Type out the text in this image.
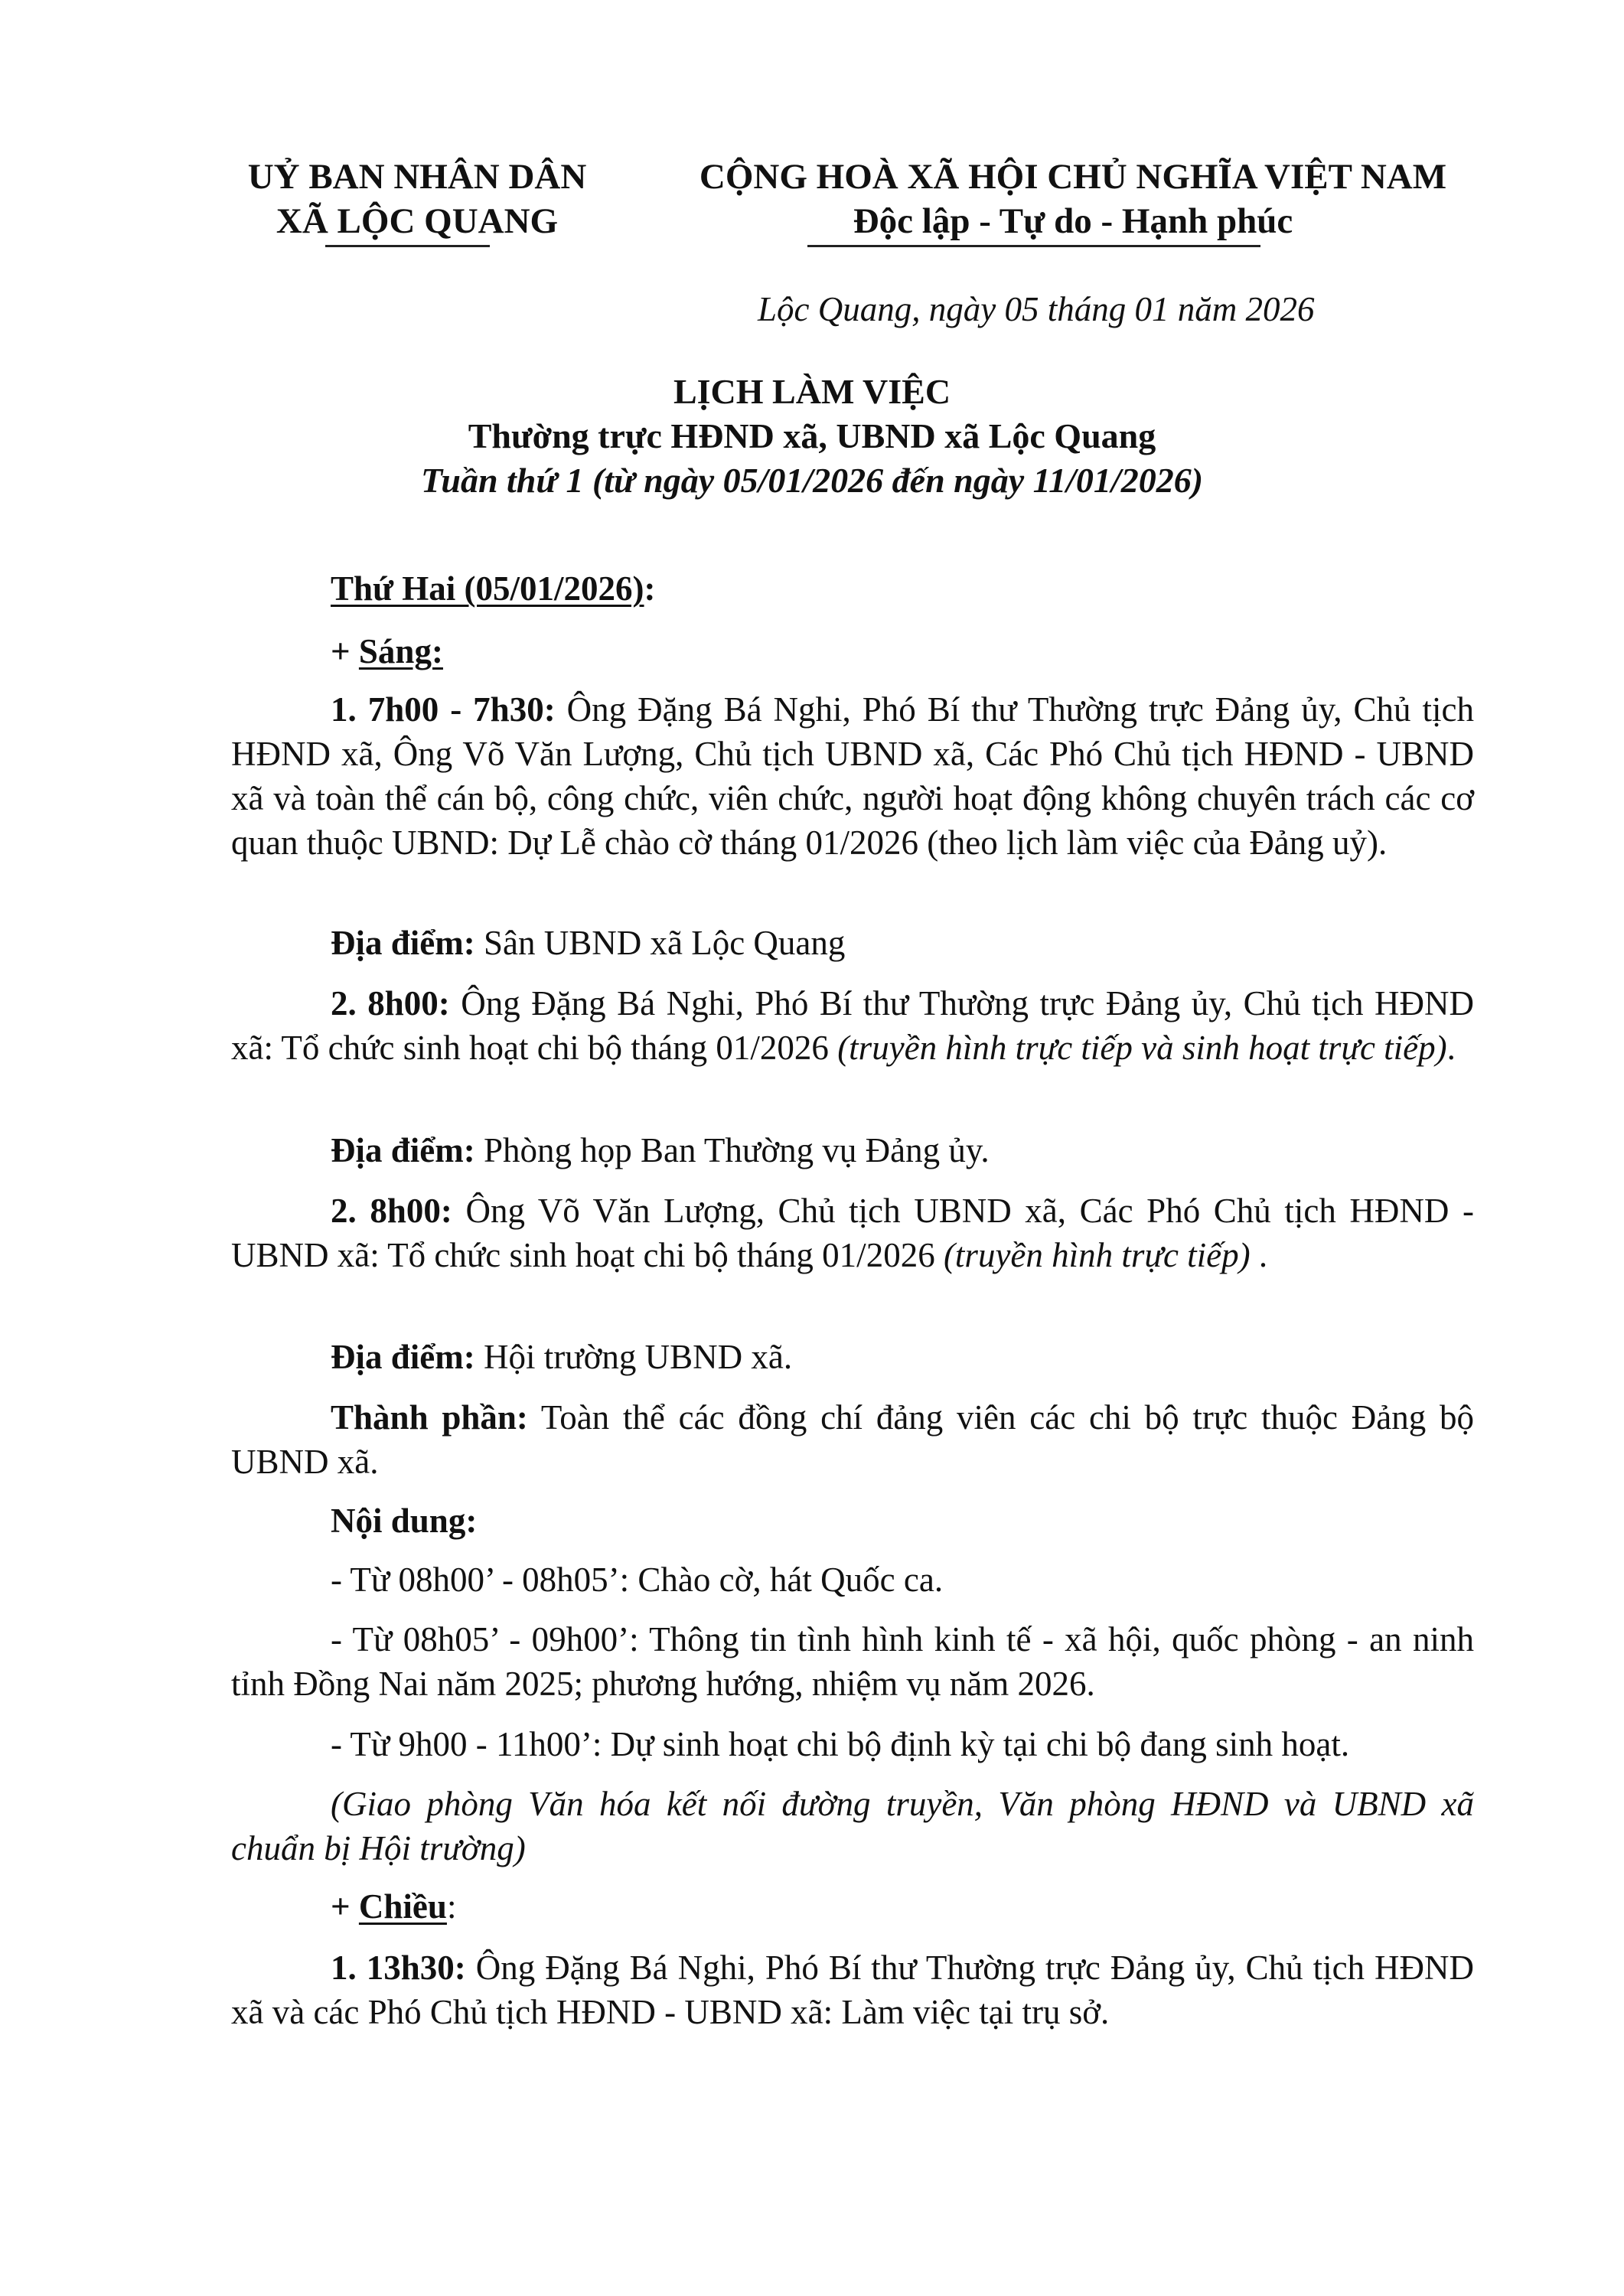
UỶ BAN NHÂN DÂN
XÃ LỘC QUANG
CỘNG HOÀ XÃ HỘI CHỦ NGHĨA VIỆT NAM
Độc lập - Tự do - Hạnh phúc
Lộc Quang, ngày 05 tháng 01 năm 2026
LỊCH LÀM VIỆC
Thường trực HĐND xã, UBND xã Lộc Quang
Tuần thứ 1 (từ ngày 05/01/2026 đến ngày 11/01/2026)
Thứ Hai (05/01/2026):
+ Sáng:
1. 7h00 - 7h30: Ông Đặng Bá Nghi, Phó Bí thư Thường trực Đảng ủy, Chủ tịch HĐND xã, Ông Võ Văn Lượng, Chủ tịch UBND xã, Các Phó Chủ tịch HĐND - UBND xã và toàn thể cán bộ, công chức, viên chức, người hoạt động không chuyên trách các cơ quan thuộc UBND: Dự Lễ chào cờ tháng 01/2026 (theo lịch làm việc của Đảng uỷ).
Địa điểm: Sân UBND xã Lộc Quang
2. 8h00: Ông Đặng Bá Nghi, Phó Bí thư Thường trực Đảng ủy, Chủ tịch HĐND xã: Tổ chức sinh hoạt chi bộ tháng 01/2026 (truyền hình trực tiếp và sinh hoạt trực tiếp).
Địa điểm: Phòng họp Ban Thường vụ Đảng ủy.
2. 8h00: Ông Võ Văn Lượng, Chủ tịch UBND xã, Các Phó Chủ tịch HĐND - UBND xã: Tổ chức sinh hoạt chi bộ tháng 01/2026 (truyền hình trực tiếp) .
Địa điểm: Hội trường UBND xã.
Thành phần: Toàn thể các đồng chí đảng viên các chi bộ trực thuộc Đảng bộ UBND xã.
Nội dung:
- Từ 08h00’ - 08h05’: Chào cờ, hát Quốc ca.
- Từ 08h05’ - 09h00’: Thông tin tình hình kinh tế - xã hội, quốc phòng - an ninh tỉnh Đồng Nai năm 2025; phương hướng, nhiệm vụ năm 2026.
- Từ 9h00 - 11h00’: Dự sinh hoạt chi bộ định kỳ tại chi bộ đang sinh hoạt.
(Giao phòng Văn hóa kết nối đường truyền, Văn phòng HĐND và UBND xã chuẩn bị Hội trường)
+ Chiều:
1. 13h30: Ông Đặng Bá Nghi, Phó Bí thư Thường trực Đảng ủy, Chủ tịch HĐND xã và các Phó Chủ tịch HĐND - UBND xã: Làm việc tại trụ sở.
